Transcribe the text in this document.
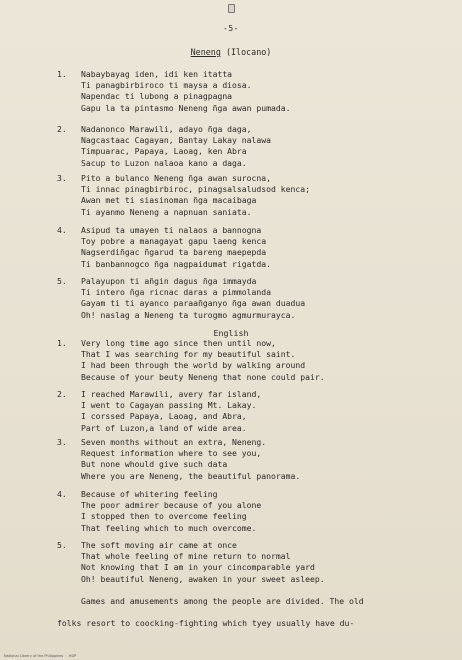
-5-
Neneng (Ilocano)
1. Nabaybayag iden, idi ken itatta
Ti panagbirbiroco ti maysa a diosa.
Napendac ti lubong a pinagpagna
Gapu la ta pintasmo Neneng ñga awan pumada.
2. Nadanonco Marawili, adayo ñga daga,
Nagcastaac Cagayan, Bantay Lakay nalawa
Timpuarac, Papaya, Laoag, ken Abra
Sacup to Luzon nalaoa kano a daga.
3. Pito a bulanco Neneng ñga awan surocna,
Ti innac pinagbirbiroc, pinagsalsaludsod kenca;
Awan met ti siasinoman ñga macaibaga
Ti ayanmo Neneng a napnuan saniata.
4. Asipud ta umayen ti nalaos a bannogna
Toy pobre a managayat gapu laeng kenca
Nagserdiñgac ñgarud ta bareng maepepda
Ti banbannogco ñga nagpaidumat rigatda.
5. Palayupon ti añgin dagus ñga immayda
Ti intero ñga ricnac daras a pimmolanda
Gayam ti ti ayanco paraañganyo ñga awan duadua
Oh! naslag a Neneng ta turogmo agmurmurayca.
English
1. Very long time ago since then until now,
That I was searching for my beautiful saint.
I had been through the world by walking around
Because of your beuty Neneng that none could pair.
2. I reached Marawili, avery far island,
I went to Cagayan passing Mt. Lakay.
I corssed Papaya, Laoag, and Abra,
Part of Luzon,a land of wide area.
3. Seven months without an extra, Neneng.
Request information where to see you,
But none whould give such data
Where you are Neneng, the beautiful panorama.
4. Because of whitering feeling
The poor admirer because of you alone
I stopped then to overcome feeling
That feeling which to much overcome.
5. The soft moving air came at once
That whole feeling of mine return to normal
Not knowing that I am in your cincomparable yard
Oh! beautiful Neneng, awaken in your sweet asleep.
Games and amusements among the people are divided. The old
folks resort to coocking-fighting which tyey usually have du-
National Library of the Philippines  ·  HDP
